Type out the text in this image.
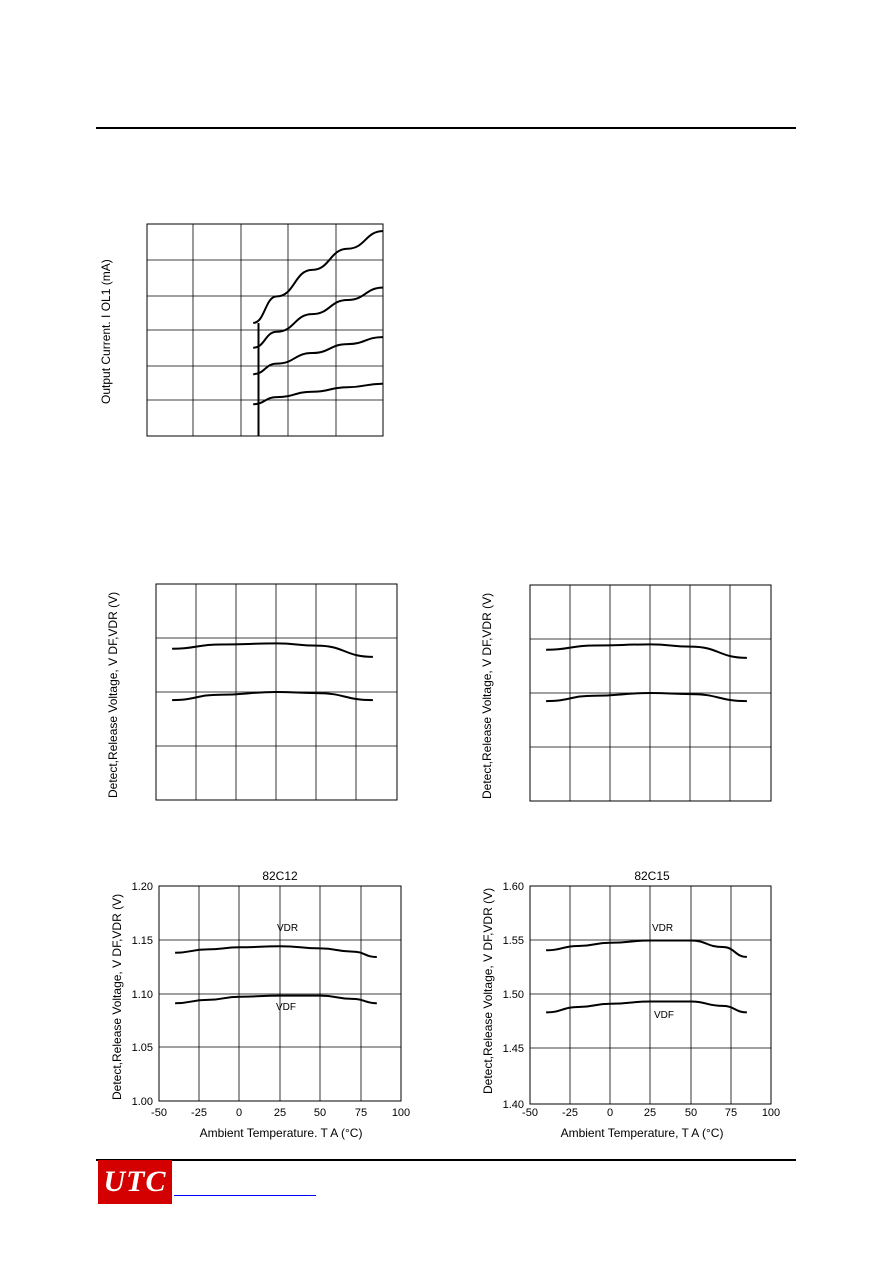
UTC
Output Current. I OL1 (mA)
Detect,Release Voltage, V DF,VDR (V)	Detect,Release Voltage, V DF,VDR (V)
82C12
-50 -25	0	25	50	75 100
1.00
1.05
1.10
1.15
1.20
VDR
VDF
Ambient Temperature. T A (°C)
Detect,Release Voltage, V DF,VDR (V)
82C15
-50 -25	0	25	50	75 100
1.40
1.45
1.50
1.55
1.60
VDR
VDF
Ambient Temperature, T A (°C)
Detect,Release Voltage, V DF,VDR (V)
